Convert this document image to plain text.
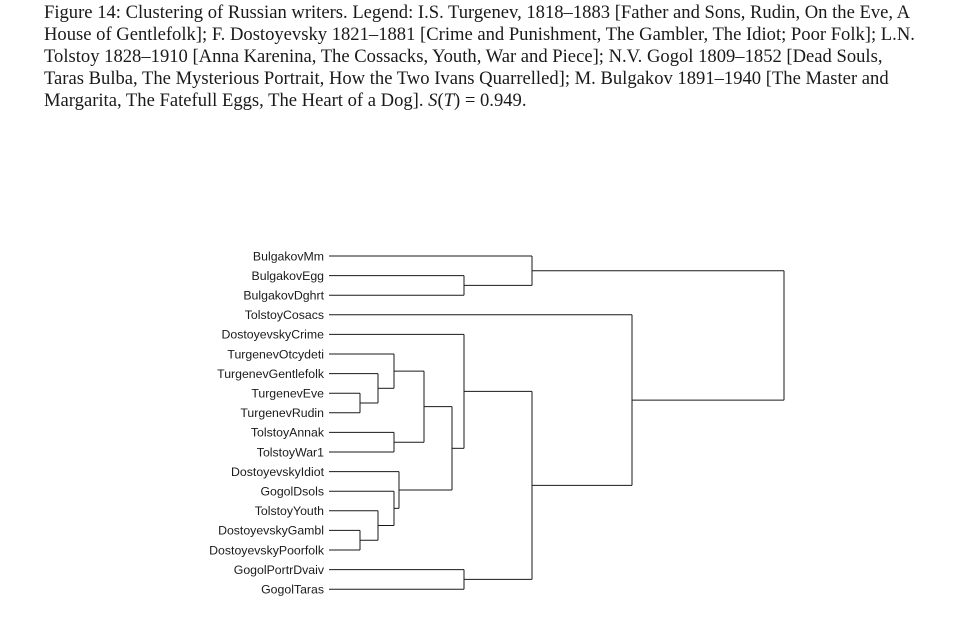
Figure 14: Clustering of Russian writers. Legend: I.S. Turgenev, 1818–1883 [Father and Sons, Rudin, On the Eve, A
House of Gentlefolk]; F. Dostoyevsky 1821–1881 [Crime and Punishment, The Gambler, The Idiot; Poor Folk]; L.N.
Tolstoy 1828–1910 [Anna Karenina, The Cossacks, Youth, War and Piece]; N.V. Gogol 1809–1852 [Dead Souls,
Taras Bulba, The Mysterious Portrait, How the Two Ivans Quarrelled]; M. Bulgakov 1891–1940 [The Master and
Margarita, The Fatefull Eggs, The Heart of a Dog]. S(T) = 0.949.
BulgakovMm
BulgakovEgg
BulgakovDghrt
TolstoyCosacs
DostoyevskyCrime
TurgenevOtcydeti
TurgenevGentlefolk
TurgenevEve
TurgenevRudin
TolstoyAnnak
TolstoyWar1
DostoyevskyIdiot
GogolDsols
TolstoyYouth
DostoyevskyGambl
DostoyevskyPoorfolk
GogolPortrDvaiv
GogolTaras
